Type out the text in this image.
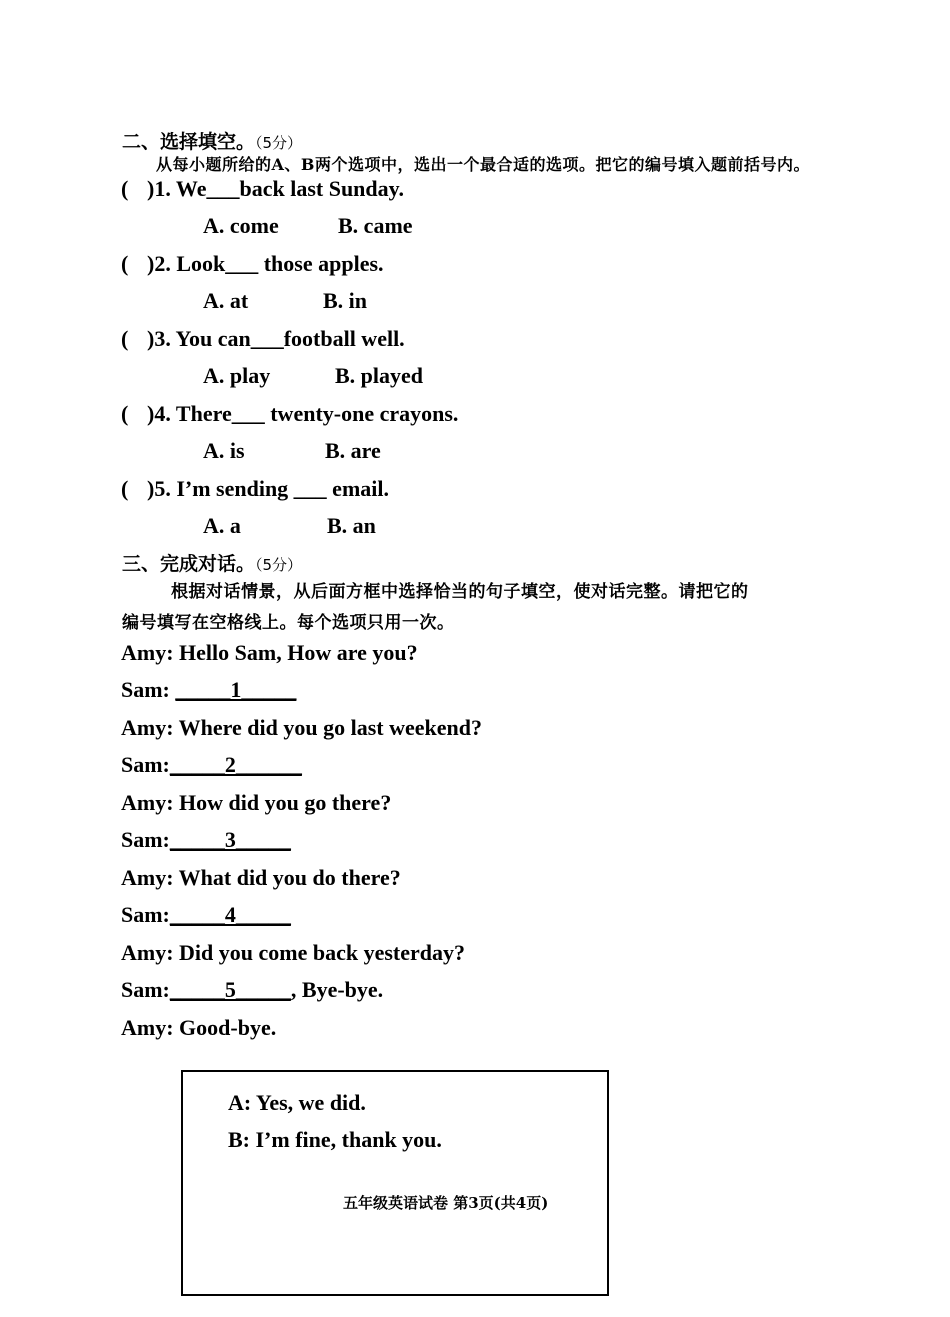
二、选择填空。（5分）
从每小题所给的A、B两个选项中，选出一个最合适的选项。把它的编号填入题前括号内。
( )1. We___back last Sunday.
A. come	B. came
( )2. Look___ those apples.
A. at	B. in
( )3. You can___football well.
A. play	B. played
( )4. There___ twenty-one crayons.
A. is	B. are
( )5. I’m sending ___ email.
A. a	B. an
三、完成对话。（5分）
根据对话情景，从后面方框中选择恰当的句子填空，使对话完整。请把它的
编号填写在空格线上。每个选项只用一次。
Amy: Hello Sam, How are you?
Sam: _____1_____
Amy: Where did you go last weekend?
Sam:_____2______
Amy: How did you go there?
Sam:_____3_____
Amy: What did you do there?
Sam:_____4_____
Amy: Did you come back yesterday?
Sam:_____5_____, Bye-bye.
Amy: Good-bye.
A: Yes, we did.
B: I’m fine, thank you.
五年级英语试卷 第3页(共4页)
